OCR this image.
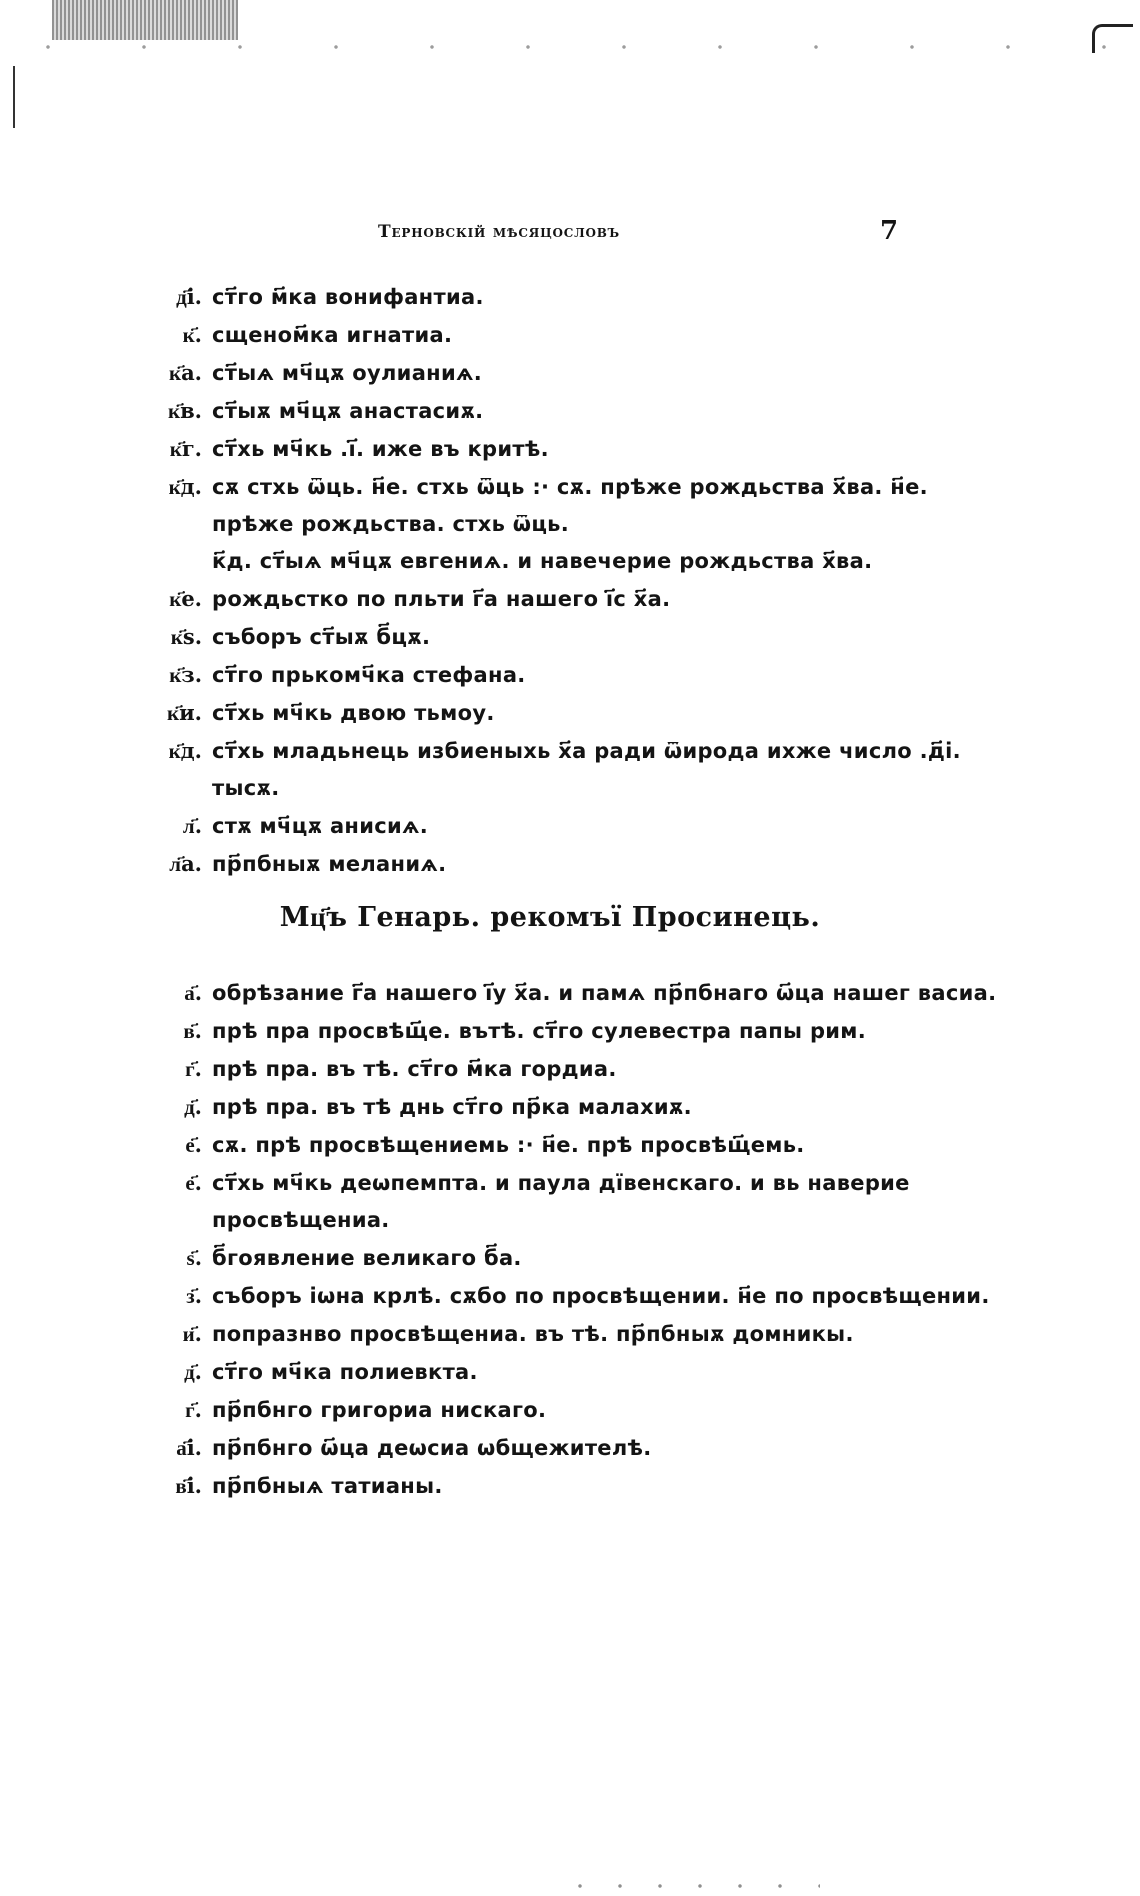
Терновскій мѣсяцословъ	7
д҃і. ст҃го м҃ка вонифантиа.
к҃. сщеном҃ка игнатиа.
к҃а. ст҃ыѧ мч҃цѫ оулианиѧ.
к҃в. ст҃ыѫ мч҃цѫ анастасиѫ.
к҃г. ст҃хь мч҃кь .і҃. иже въ критѣ.
к҃д. сѫ стхь ѿць. н҃е. стхь ѿць :· сѫ. прѣже рождьства х҃ва. н҃е. прѣже рождьства. стхь ѿць.
к҃д. ст҃ыѧ мч҃цѫ евгениѧ. и навечерие рождьства х҃ва.
к҃е. рождьстко по пльти г҃а нашего і҃с х҃а.
к҃ѕ. съборъ ст҃ыѫ б҃цѫ.
к҃з. ст҃го прькомч҃ка стефана.
к҃и. ст҃хь мч҃кь двою тьмоу.
к҃д. ст҃хь младьнець избиеныхь х҃а ради ѿирода ихже число .д҃і. тысѫ.
л҃. стѫ мч҃цѫ анисиѧ.
л҃а. пр҃пбныѫ меланиѧ.
Мц҃ъ Генарь. рекомъї Просинець.
а҃. обрѣзание г҃а нашего і҃у х҃а. и памѧ пр҃пбнаго ѡ҃ца нашег васиа.
в҃. прѣ пра просвѣщ҃е. вътѣ. ст҃го сулевестра папы рим.
г҃. прѣ пра. въ тѣ. ст҃го м҃ка гордиа.
д҃. прѣ пра. въ тѣ днь ст҃го пр҃ка малахиѫ.
е҃. сѫ. прѣ просвѣщениемь :· н҃е. прѣ просвѣщ҃емь.
е҃. ст҃хь мч҃кь деѡпемпта. и паула дївенскаго. и вь наверие просвѣщениа.
ѕ҃. б҃гоявление великаго б҃а.
з҃. съборъ іѡна крлѣ. сѫбо по просвѣщении. н҃е по просвѣщении.
и҃. попразнво просвѣщениа. въ тѣ. пр҃пбныѫ домникы.
д҃. ст҃го мч҃ка полиевкта.
г҃. пр҃пбнго григориа нискаго.
а҃і. пр҃пбнго ѡ҃ца деѡсиа ѡбщежителѣ.
в҃і. пр҃пбныѧ татианы.
